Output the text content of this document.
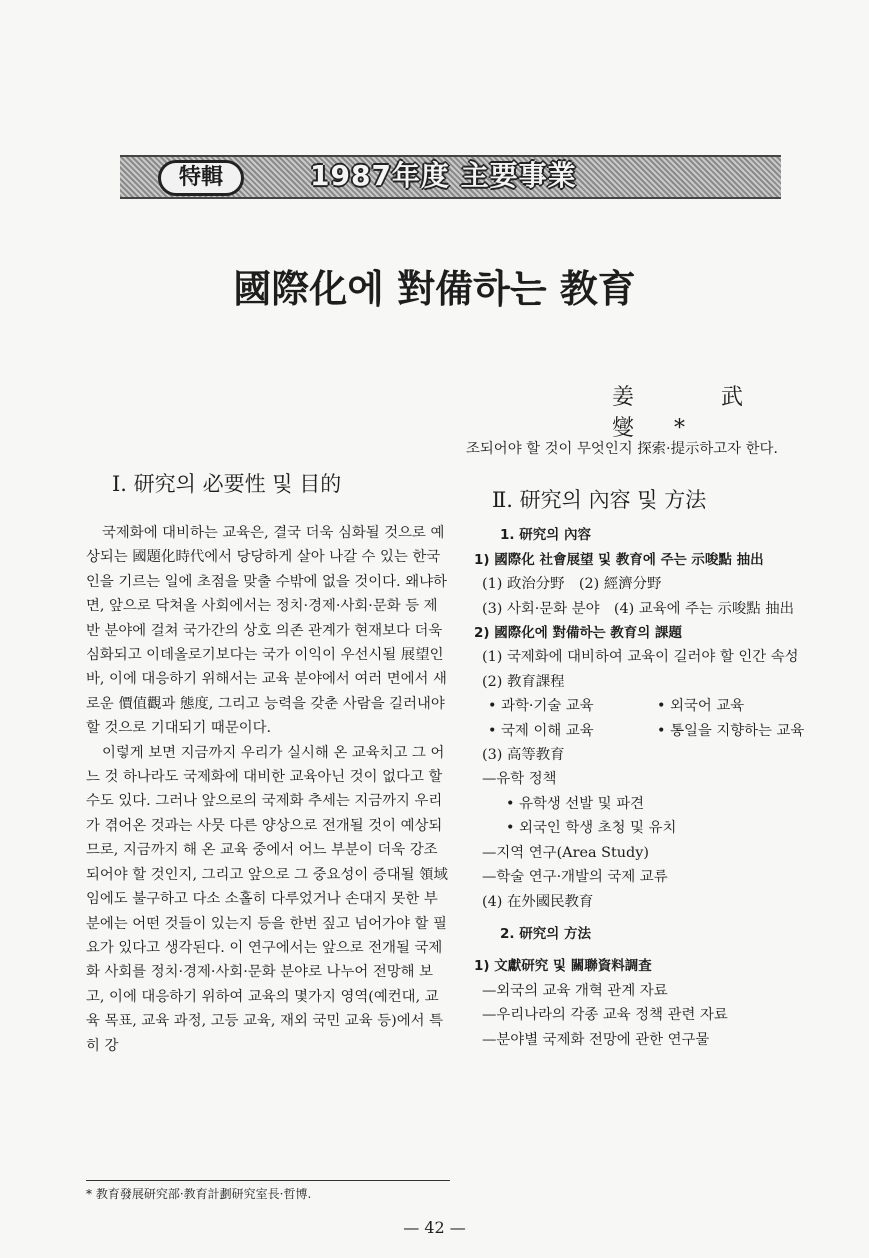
特輯	1987年度 主要事業
國際化에 對備하는 教育
姜 武 燮*
Ⅰ. 研究의 必要性 및 目的

국제화에 대비하는 교육은, 결국 더욱 심화될 것으로 예상되는 國題化時代에서 당당하게 살아 나갈 수 있는 한국인을 기르는 일에 초점을 맞출 수밖에 없을 것이다. 왜냐하면, 앞으로 닥쳐올 사회에서는 정치·경제·사회·문화 등 제반 분야에 걸쳐 국가간의 상호 의존 관계가 현재보다 더욱 심화되고 이데올로기보다는 국가 이익이 우선시될 展望인 바, 이에 대응하기 위해서는 교육 분야에서 여러 면에서 새로운 價值觀과 態度, 그리고 능력을 갖춘 사람을 길러내야 할 것으로 기대되기 때문이다.

이렇게 보면 지금까지 우리가 실시해 온 교육치고 그 어느 것 하나라도 국제화에 대비한 교육아닌 것이 없다고 할 수도 있다. 그러나 앞으로의 국제화 추세는 지금까지 우리가 겪어온 것과는 사뭇 다른 양상으로 전개될 것이 예상되므로, 지금까지 해 온 교육 중에서 어느 부분이 더욱 강조되어야 할 것인지, 그리고 앞으로 그 중요성이 증대될 領域임에도 불구하고 다소 소홀히 다루었거나 손대지 못한 부분에는 어떤 것들이 있는지 등을 한번 짚고 넘어가야 할 필요가 있다고 생각된다. 이 연구에서는 앞으로 전개될 국제화 사회를 정치·경제·사회·문화 분야로 나누어 전망해 보고, 이에 대응하기 위하여 교육의 몇가지 영역(예컨대, 교육 목표, 교육 과정, 고등 교육, 재외 국민 교육 등)에서 특히 강

조되어야 할 것이 무엇인지 探索·提示하고자 한다.

Ⅱ. 研究의 內容 및 方法
1. 研究의 內容
1) 國際化 社會展望 및 教育에 주는 示唆點 抽出
(1) 政治分野　(2) 經濟分野
(3) 사회·문화 분야　(4) 교육에 주는 示唆點 抽出
2) 國際化에 對備하는 教育의 課題
(1) 국제화에 대비하여 교육이 길러야 할 인간 속성
(2) 教育課程
• 과학·기술 교육	• 외국어 교육
• 국제 이해 교육	• 통일을 지향하는 교육
(3) 高等教育
—유학 정책
• 유학생 선발 및 파견
• 외국인 학생 초청 및 유치
—지역 연구(Area Study)
—학술 연구·개발의 국제 교류
(4) 在外國民教育
2. 研究의 方法
1) 文獻研究 및 關聯資料調査
—외국의 교육 개혁 관계 자료
—우리나라의 각종 교육 정책 관련 자료
—분야별 국제화 전망에 관한 연구물
* 教育發展研究部·教育計劃研究室長·哲博.
— 42 —
